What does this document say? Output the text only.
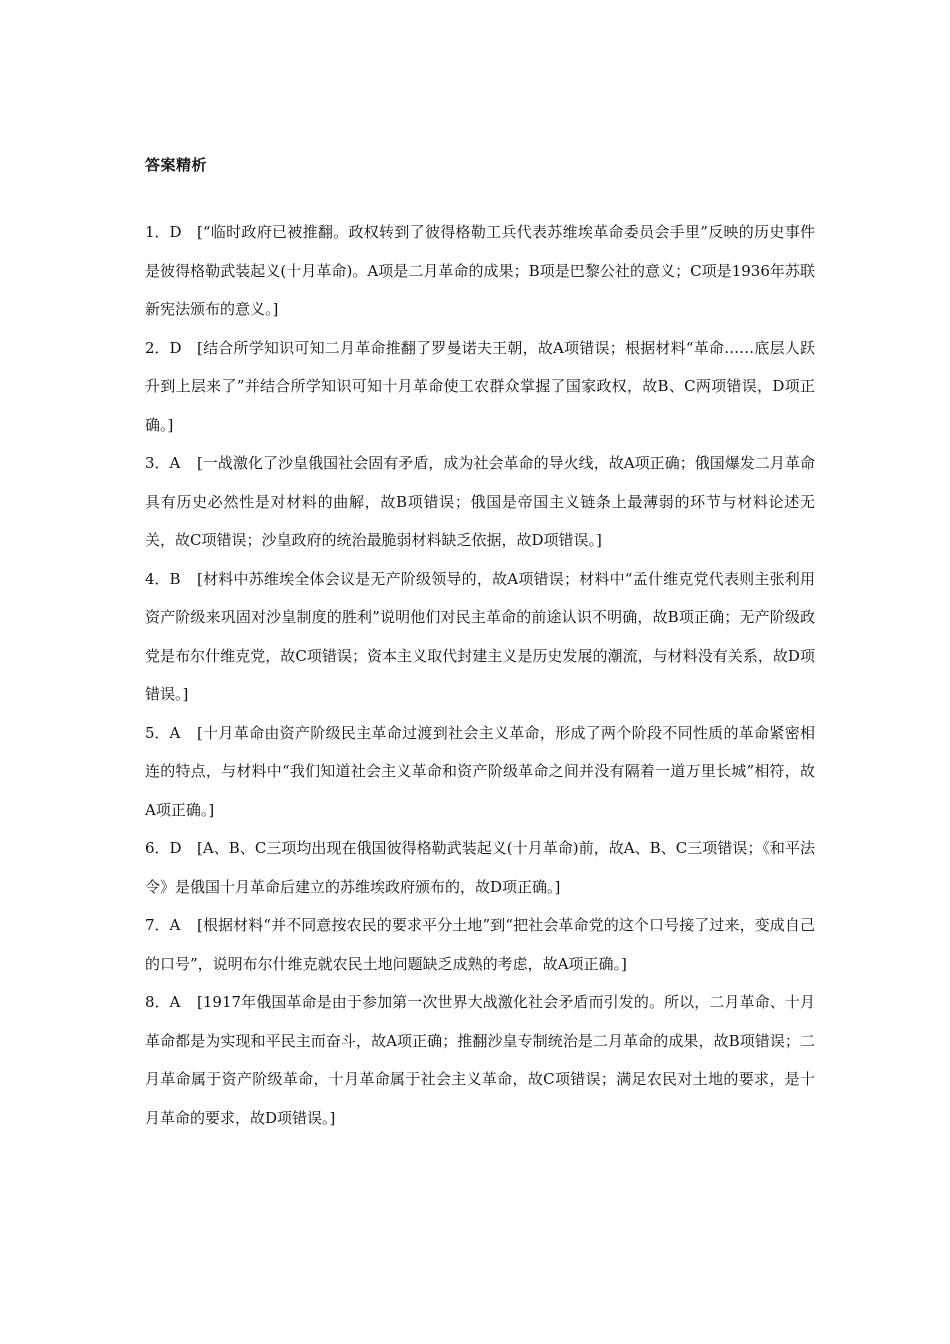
答案精析

1．D [“临时政府已被推翻。政权转到了彼得格勒工兵代表苏维埃革命委员会手里”反映的历史事件是彼得格勒武装起义(十月革命)。A项是二月革命的成果；B项是巴黎公社的意义；C项是1936年苏联新宪法颁布的意义。]

2．D [结合所学知识可知二月革命推翻了罗曼诺夫王朝，故A项错误；根据材料“革命……底层人跃升到上层来了”并结合所学知识可知十月革命使工农群众掌握了国家政权，故B、C两项错误，D项正确。]

3．A [一战激化了沙皇俄国社会固有矛盾，成为社会革命的导火线，故A项正确；俄国爆发二月革命具有历史必然性是对材料的曲解，故B项错误；俄国是帝国主义链条上最薄弱的环节与材料论述无关，故C项错误；沙皇政府的统治最脆弱材料缺乏依据，故D项错误。]

4．B [材料中苏维埃全体会议是无产阶级领导的，故A项错误；材料中“孟什维克党代表则主张利用资产阶级来巩固对沙皇制度的胜利”说明他们对民主革命的前途认识不明确，故B项正确；无产阶级政党是布尔什维克党，故C项错误；资本主义取代封建主义是历史发展的潮流，与材料没有关系，故D项错误。]

5．A [十月革命由资产阶级民主革命过渡到社会主义革命，形成了两个阶段不同性质的革命紧密相连的特点，与材料中“我们知道社会主义革命和资产阶级革命之间并没有隔着一道万里长城”相符，故A项正确。]

6．D [A、B、C三项均出现在俄国彼得格勒武装起义(十月革命)前，故A、B、C三项错误；《和平法令》是俄国十月革命后建立的苏维埃政府颁布的，故D项正确。]

7．A [根据材料“并不同意按农民的要求平分土地”到“把社会革命党的这个口号接了过来，变成自己的口号”，说明布尔什维克就农民土地问题缺乏成熟的考虑，故A项正确。]

8．A [1917年俄国革命是由于参加第一次世界大战激化社会矛盾而引发的。所以，二月革命、十月革命都是为实现和平民主而奋斗，故A项正确；推翻沙皇专制统治是二月革命的成果，故B项错误；二月革命属于资产阶级革命，十月革命属于社会主义革命，故C项错误；满足农民对土地的要求，是十月革命的要求，故D项错误。]
